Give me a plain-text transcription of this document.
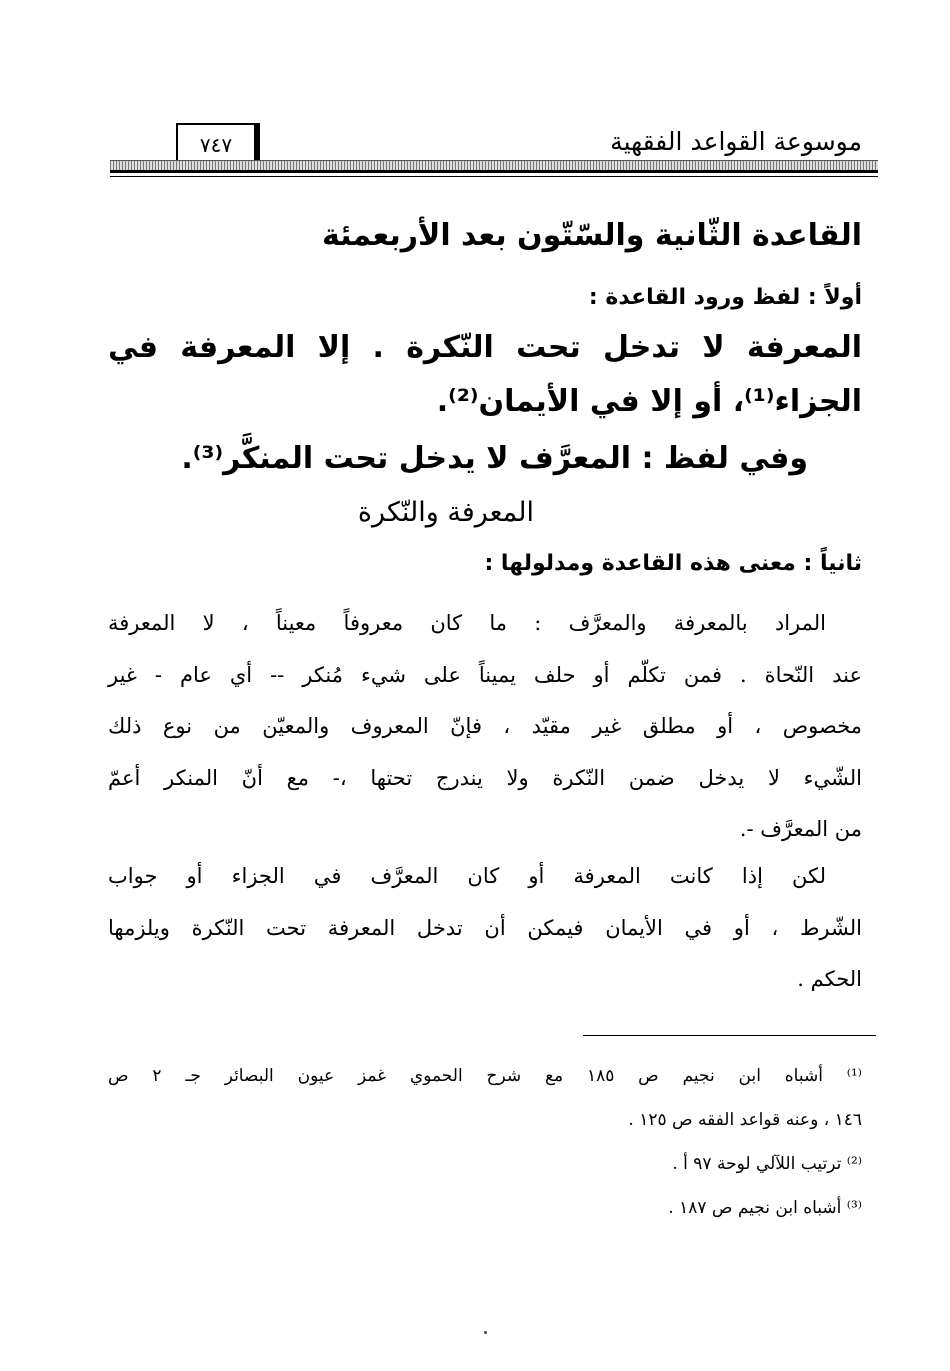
موسوعة القواعد الفقهية
٧٤٧
القاعدة الثّانية والسّتّون بعد الأربعمئة
أولاً : لفظ ورود القاعدة :
المعرفة لا تدخل تحت النّكرة . إلا المعرفة في
الجزاء⁽¹⁾، أو إلا في الأيمان⁽²⁾.
وفي لفظ : المعرَّف لا يدخل تحت المنكَّر⁽³⁾.
المعرفة والنّكرة
ثانياً : معنى هذه القاعدة ومدلولها :
المراد بالمعرفة والمعرَّف : ما كان معروفاً معيناً ، لا المعرفة
عند النّحاة . فمن تكلّم أو حلف يميناً على شيء مُنكر -- أي عام - غير
مخصوص ، أو مطلق غير مقيّد ، فإنّ المعروف والمعيّن من نوع ذلك
الشّيء لا يدخل ضمن النّكرة ولا يندرج تحتها ،- مع أنّ المنكر أعمّ
من المعرَّف -.
لكن إذا كانت المعرفة أو كان المعرَّف في الجزاء أو جواب
الشّرط ، أو في الأيمان فيمكن أن تدخل المعرفة تحت النّكرة ويلزمها
الحكم .
⁽¹⁾ أشباه ابن نجيم ص ١٨٥ مع شرح الحموي غمز عيون البصائر جـ ٢ ص
١٤٦ ، وعنه قواعد الفقه ص ١٢٥ .
⁽²⁾ ترتيب اللآلي لوحة ٩٧ أ .
⁽³⁾ أشباه ابن نجيم ص ١٨٧ .
